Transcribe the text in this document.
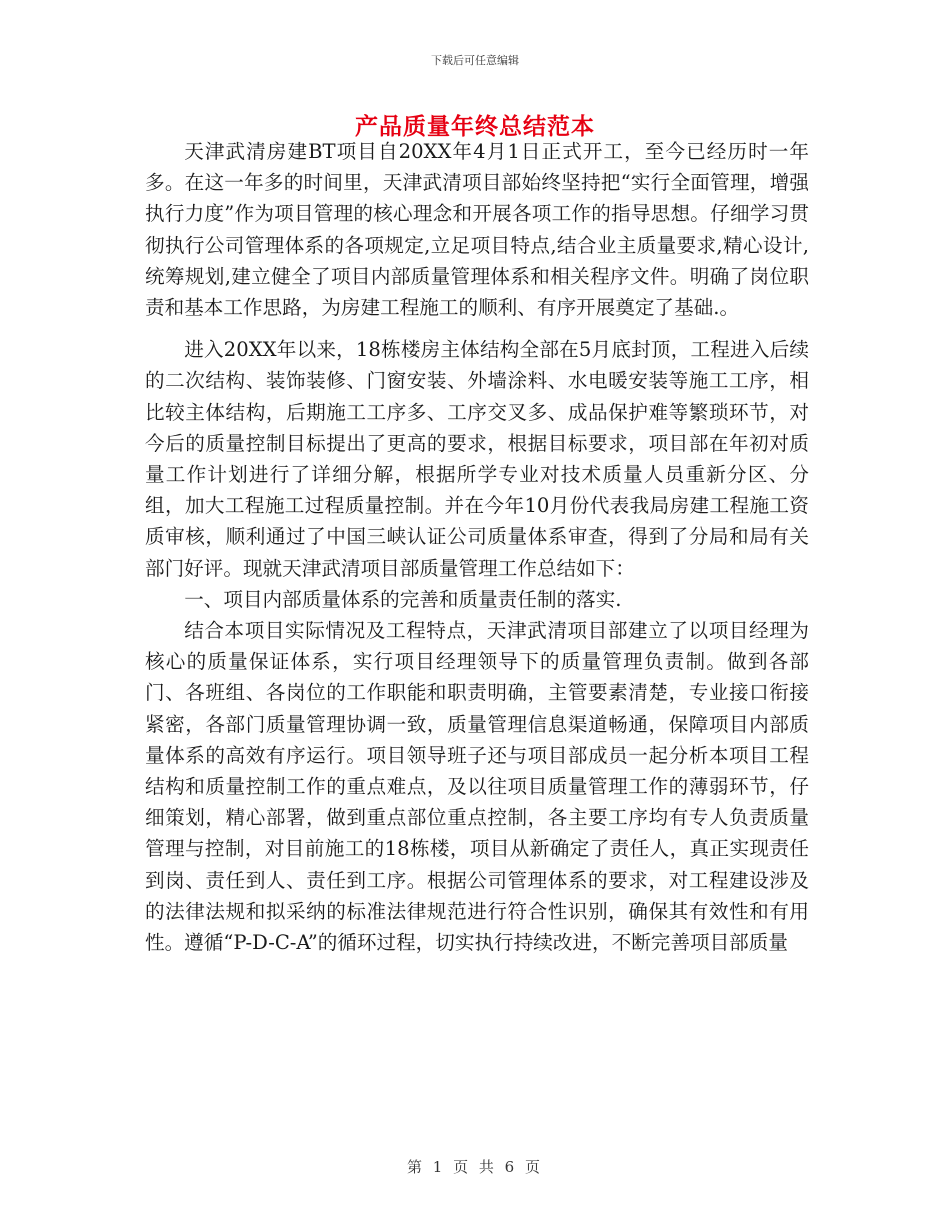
下载后可任意编辑
产品质量年终总结范本

天津武清房建BT项目自20XX年4月1日正式开工，至今已经历时一年多。在这一年多的时间里，天津武清项目部始终坚持把“实行全面管理，增强执行力度”作为项目管理的核心理念和开展各项工作的指导思想。仔细学习贯彻执行公司管理体系的各项规定,立足项目特点,结合业主质量要求,精心设计,统筹规划,建立健全了项目内部质量管理体系和相关程序文件。明确了岗位职责和基本工作思路，为房建工程施工的顺利、有序开展奠定了基础.。

进入20XX年以来，18栋楼房主体结构全部在5月底封顶，工程进入后续的二次结构、装饰装修、门窗安装、外墙涂料、水电暖安装等施工工序，相比较主体结构，后期施工工序多、工序交叉多、成品保护难等繁琐环节，对今后的质量控制目标提出了更高的要求，根据目标要求，项目部在年初对质量工作计划进行了详细分解，根据所学专业对技术质量人员重新分区、分组，加大工程施工过程质量控制。并在今年10月份代表我局房建工程施工资质审核，顺利通过了中国三峡认证公司质量体系审查，得到了分局和局有关部门好评。现就天津武清项目部质量管理工作总结如下：

一、项目内部质量体系的完善和质量责任制的落实.

结合本项目实际情况及工程特点，天津武清项目部建立了以项目经理为核心的质量保证体系，实行项目经理领导下的质量管理负责制。做到各部门、各班组、各岗位的工作职能和职责明确，主管要素清楚，专业接口衔接紧密，各部门质量管理协调一致，质量管理信息渠道畅通，保障项目内部质量体系的高效有序运行。项目领导班子还与项目部成员一起分析本项目工程结构和质量控制工作的重点难点，及以往项目质量管理工作的薄弱环节，仔细策划，精心部署，做到重点部位重点控制，各主要工序均有专人负责质量管理与控制，对目前施工的18栋楼，项目从新确定了责任人，真正实现责任到岗、责任到人、责任到工序。根据公司管理体系的要求，对工程建设涉及的法律法规和拟采纳的标准法律规范进行符合性识别，确保其有效性和有用性。遵循“P-D-C-A”的循环过程，切实执行持续改进，不断完善项目部质量

第 1 页 共 6 页
